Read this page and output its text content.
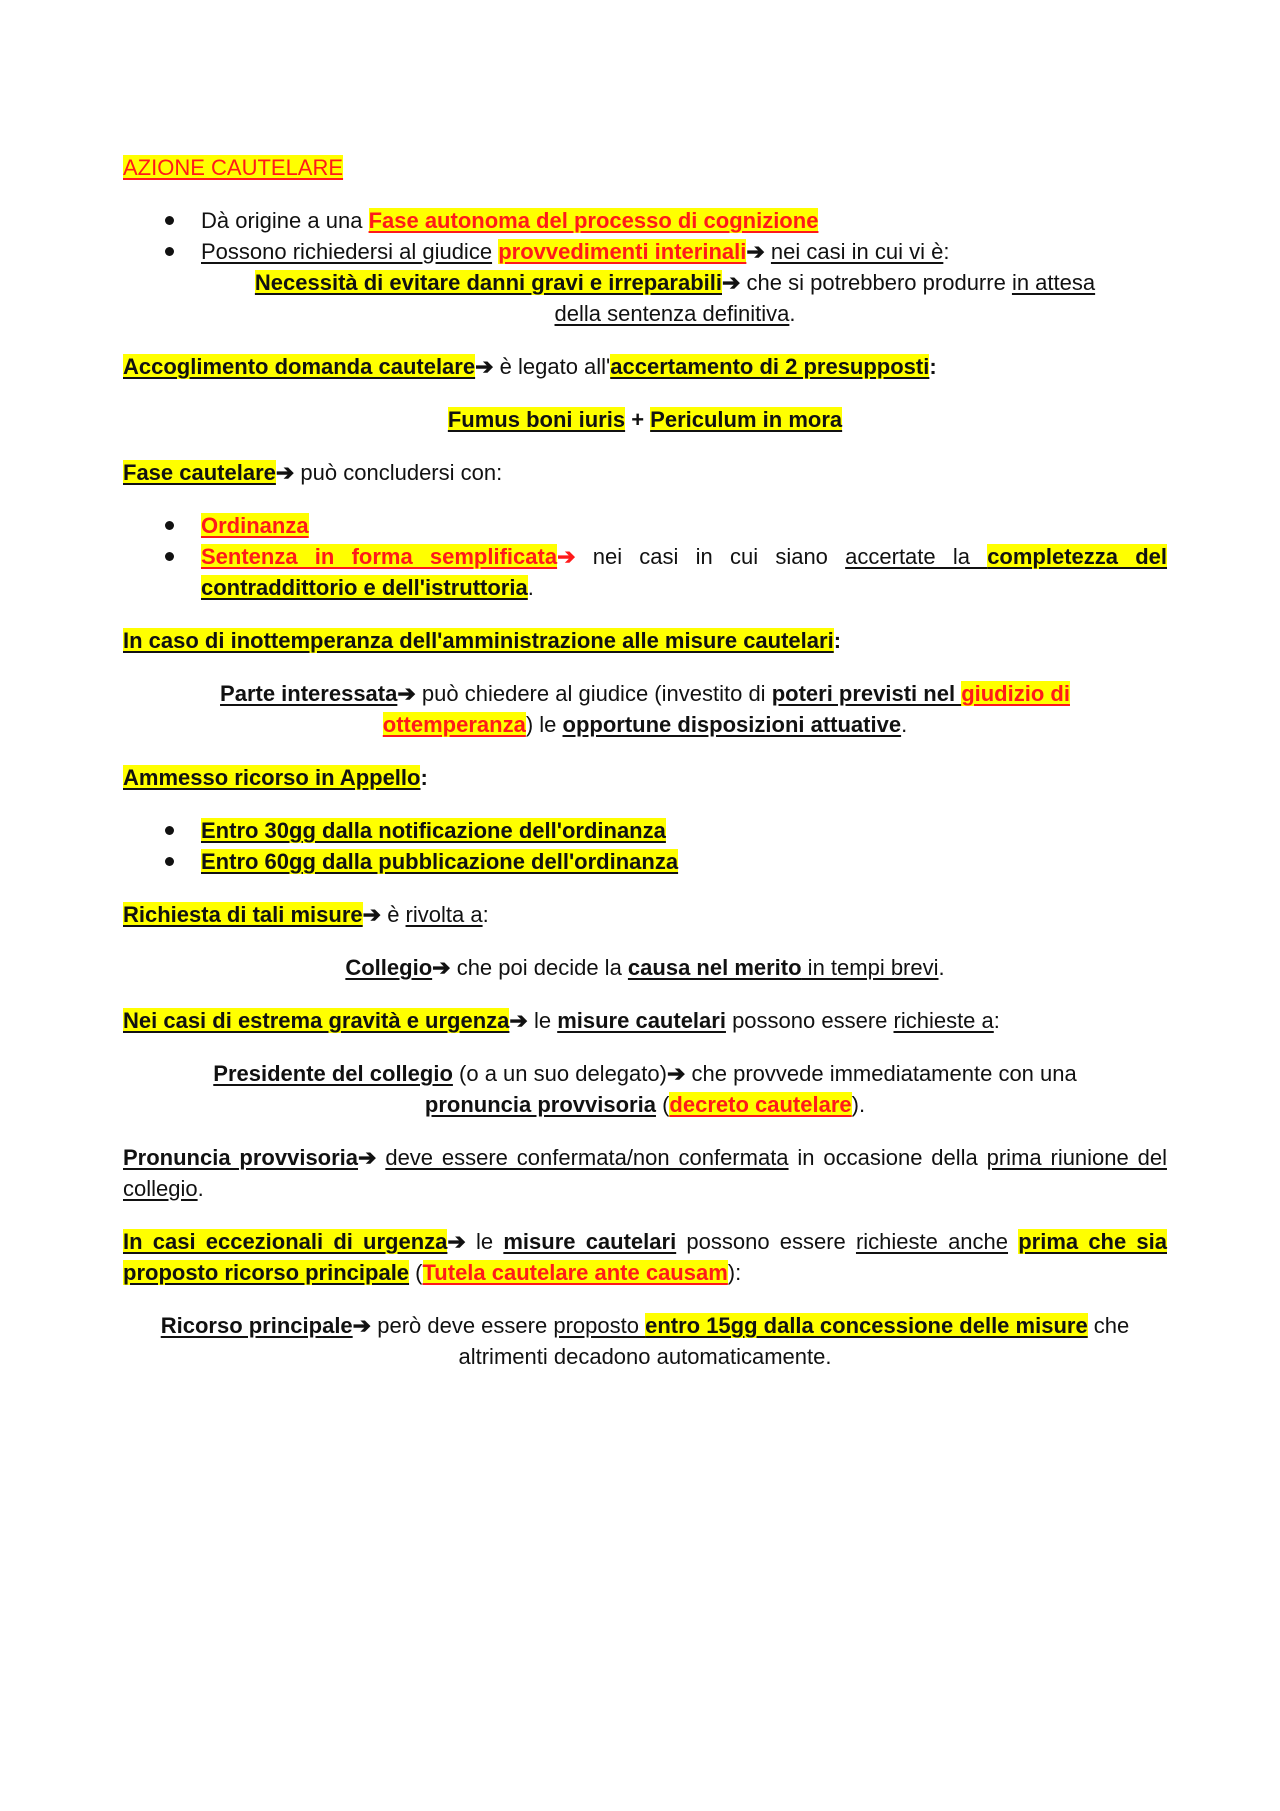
AZIONE CAUTELARE

Dà origine a una Fase autonoma del processo di cognizione
Possono richiedersi al giudice provvedimenti interinali➔ nei casi in cui vi è:

Necessità di evitare danni gravi e irreparabili➔ che si potrebbero produrre in attesa
della sentenza definitiva.

Accoglimento domanda cautelare➔ è legato all'accertamento di 2 presupposti:

Fumus boni iuris + Periculum in mora

Fase cautelare➔ può concludersi con:

Ordinanza
Sentenza in forma semplificata➔ nei casi in cui siano accertate la completezza del contraddittorio e dell'istruttoria.

In caso di inottemperanza dell'amministrazione alle misure cautelari:

Parte interessata➔ può chiedere al giudice (investito di poteri previsti nel giudizio di ottemperanza) le opportune disposizioni attuative.

Ammesso ricorso in Appello:

Entro 30gg dalla notificazione dell'ordinanza
Entro 60gg dalla pubblicazione dell'ordinanza

Richiesta di tali misure➔ è rivolta a:

Collegio➔ che poi decide la causa nel merito in tempi brevi.

Nei casi di estrema gravità e urgenza➔ le misure cautelari possono essere richieste a:

Presidente del collegio (o a un suo delegato)➔ che provvede immediatamente con una pronuncia provvisoria (decreto cautelare).

Pronuncia provvisoria➔ deve essere confermata/non confermata in occasione della prima riunione del collegio.

In casi eccezionali di urgenza➔ le misure cautelari possono essere richieste anche prima che sia proposto ricorso principale (Tutela cautelare ante causam):

Ricorso principale➔ però deve essere proposto entro 15gg dalla concessione delle misure che altrimenti decadono automaticamente.
